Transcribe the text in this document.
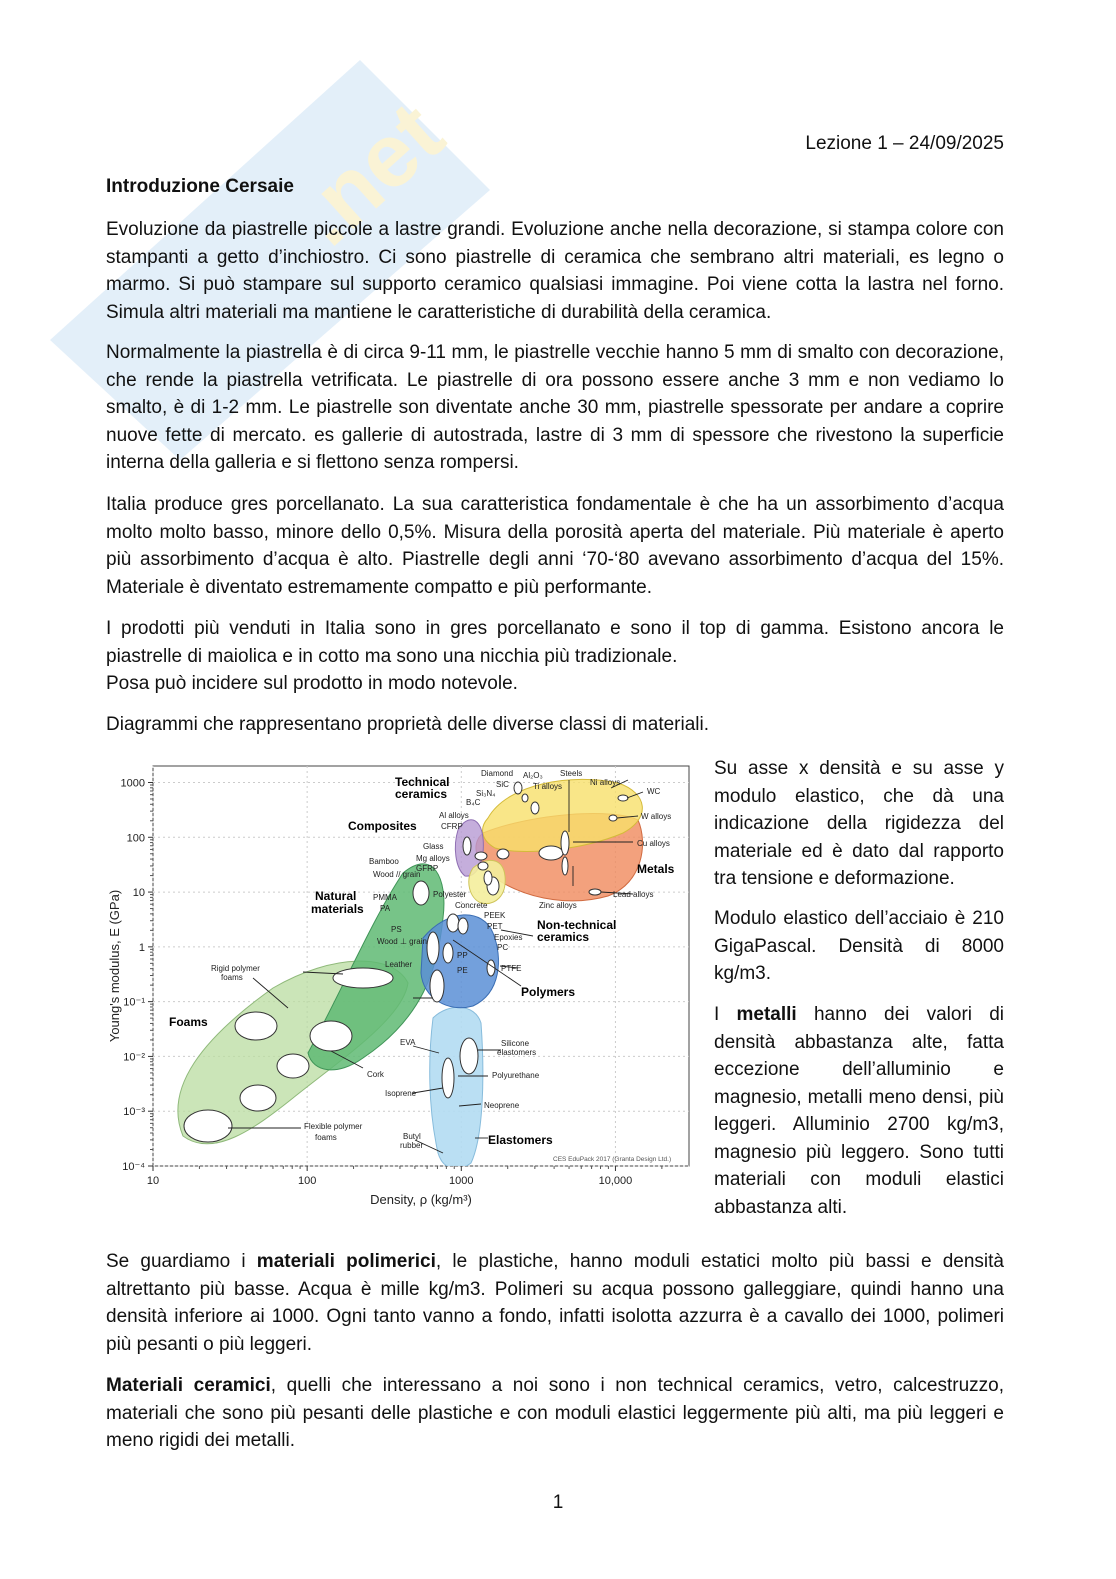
.net	Lezione 1 – 24/09/2025
Introduzione Cersaie

Evoluzione da piastrelle piccole a lastre grandi. Evoluzione anche nella decorazione, si stampa colore con stampanti a getto d’inchiostro. Ci sono piastrelle di ceramica che sembrano altri materiali, es legno o marmo. Si può stampare sul supporto ceramico qualsiasi immagine. Poi viene cotta la lastra nel forno. Simula altri materiali ma mantiene le caratteristiche di durabilità della ceramica.

Normalmente la piastrella è di circa 9-11 mm, le piastrelle vecchie hanno 5 mm di smalto con decorazione, che rende la piastrella vetrificata. Le piastrelle di ora possono essere anche 3 mm e non vediamo lo smalto, è di 1-2 mm. Le piastrelle son diventate anche 30 mm, piastrelle spessorate per andare a coprire nuove fette di mercato. es gallerie di autostrada, lastre di 3 mm di spessore che rivestono la superficie interna della galleria e si flettono senza rompersi.

Italia produce gres porcellanato. La sua caratteristica fondamentale è che ha un assorbimento d’acqua molto molto basso, minore dello 0,5%. Misura della porosità aperta del materiale. Più materiale è aperto più assorbimento d’acqua è alto. Piastrelle degli anni ‘70-‘80 avevano assorbimento d’acqua del 15%. Materiale è diventato estremamente compatto e più performante.

I prodotti più venduti in Italia sono in gres porcellanato e sono il top di gamma. Esistono ancora le piastrelle di maiolica e in cotto ma sono una nicchia più tradizionale.

Posa può incidere sul prodotto in modo notevole.

Diagrammi che rappresentano proprietà delle diverse classi di materiali.

10	100	1000	10,000
1000
100
10
1
10⁻¹
10⁻²
10⁻³
10⁻⁴
Foams
Natural
materials
Polymers
Elastomers
Metals
Technical
ceramics
Composites
Non-technical
ceramics
Diamond
SiC
Al₂O₃
Si₃N₄
B₄C
Ti alloys
Steels
Ni alloys
WC
W alloys
Cu alloys
Lead alloys
Zinc alloys
Al alloys
CFRP
Glass
Mg alloys
GFRP
Bamboo
Wood // grain
PMMA
PA
Polyester
Concrete
PEEK
PET
Epoxies
PC
PS
Wood ⊥ grain
PP
PE	PTFE
Leather
Rigid polymer
foams
EVA	Silicone
elastomers
Polyurethane
Cork
Isoprene
Neoprene
Flexible polymer
foams	Butyl
rubber
CES EduPack 2017 (Granta Design Ltd.)
Density, ρ (kg/m³)
Young's modulus, E (GPa)

Su asse x densità e su asse y modulo elastico, che dà una indicazione della rigidezza del materiale ed è dato dal rapporto tra tensione e deformazione.

Modulo elastico dell’acciaio è 210 GigaPascal. Densità di 8000 kg/m3.

I metalli hanno dei valori di densità abbastanza alte, fatta eccezione dell’alluminio e magnesio, metalli meno densi, più leggeri. Alluminio 2700 kg/m3, magnesio più leggero. Sono tutti materiali con moduli elastici abbastanza alti.

Se guardiamo i materiali polimerici, le plastiche, hanno moduli estatici molto più bassi e densità altrettanto più basse. Acqua è mille kg/m3. Polimeri su acqua possono galleggiare, quindi hanno una densità inferiore ai 1000. Ogni tanto vanno a fondo, infatti isolotta azzurra è a cavallo dei 1000, polimeri più pesanti o più leggeri.

Materiali ceramici, quelli che interessano a noi sono i non technical ceramics, vetro, calcestruzzo, materiali che sono più pesanti delle plastiche e con moduli elastici leggermente più alti, ma più leggeri e meno rigidi dei metalli.

1
